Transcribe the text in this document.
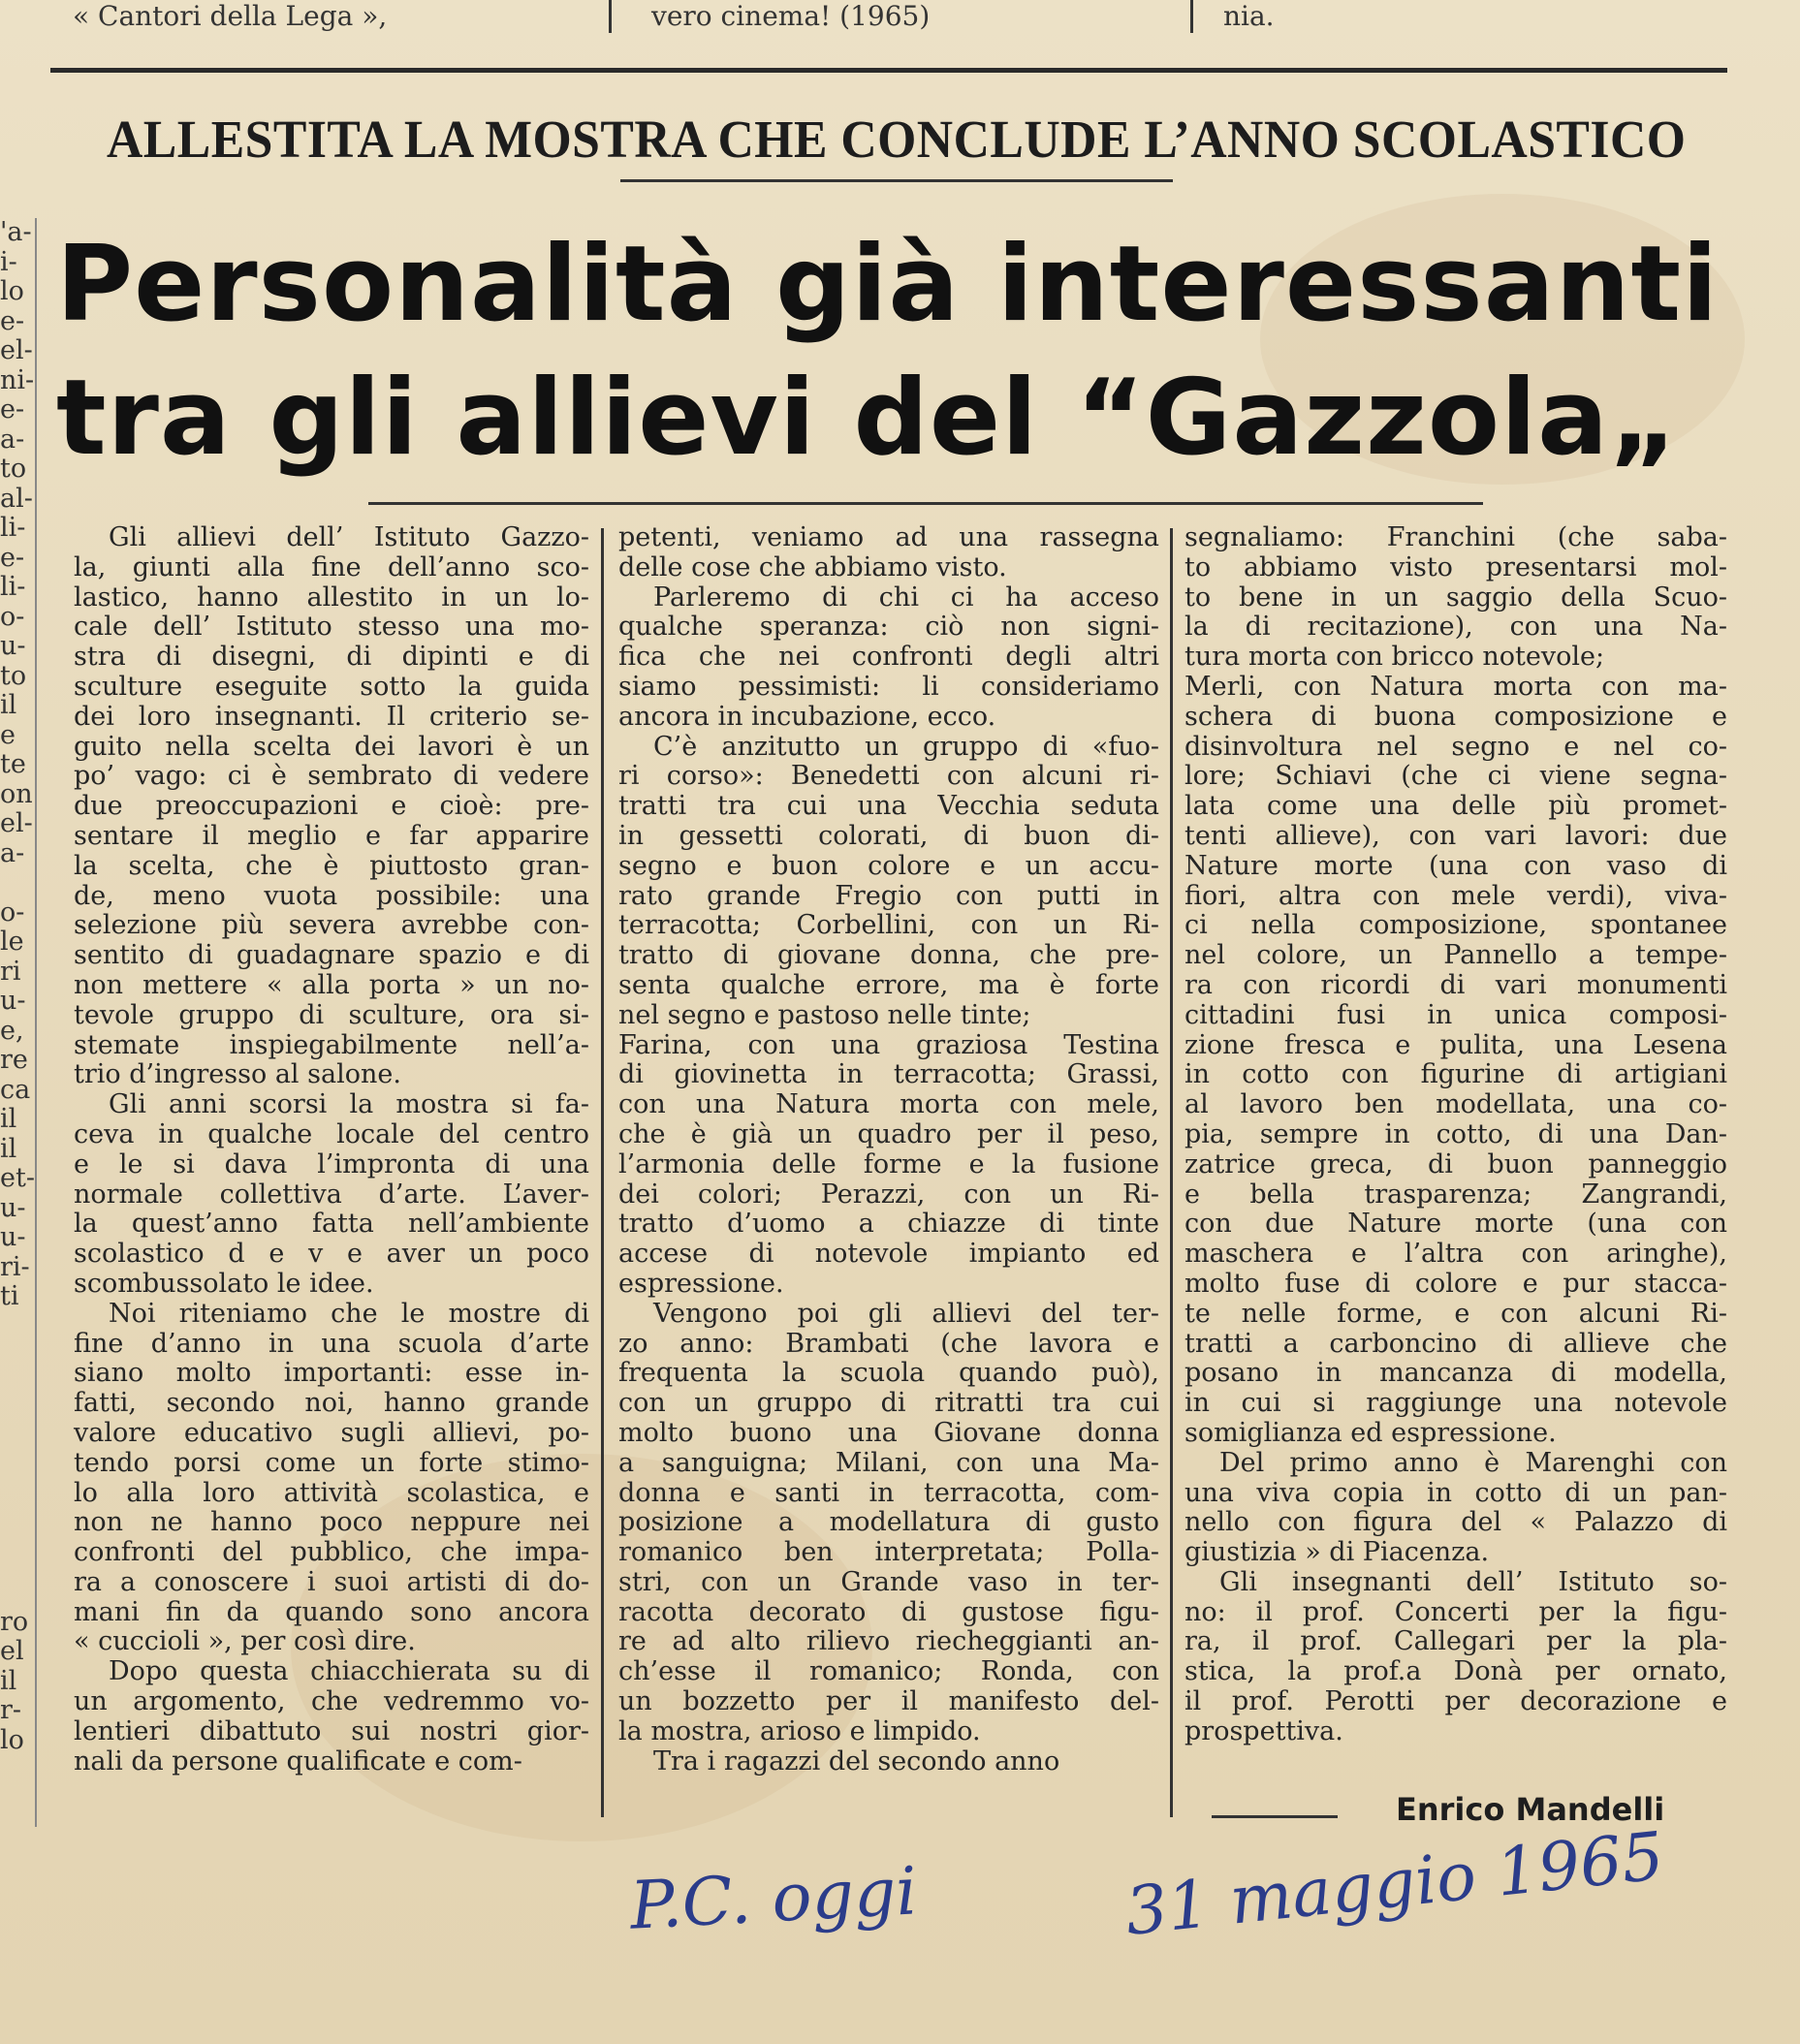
« Cantori della Lega »,	vero cinema! (1965)	nia.
'a-
i-
lo
e-
el-
ni-
e-
a-
to
al-
li-
e-
li-
o-
u-
to
il
e
te
on
el-
a-
o-
le
ri
u-
e,
re
ca
il
il
et-
u-
u-
ri-
ti
ro
el
il
r-
lo
ALLESTITA LA MOSTRA CHE CONCLUDE L’ANNO SCOLASTICO
Personalità già interessanti
tra gli allievi del “Gazzola„
Gli allievi dell’ Istituto Gazzo-
la, giunti alla fine dell’anno sco-
lastico, hanno allestito in un lo-
cale dell’ Istituto stesso una mo-
stra di disegni, di dipinti e di
sculture eseguite sotto la guida
dei loro insegnanti. Il criterio se-
guito nella scelta dei lavori è un
po’ vago: ci è sembrato di vedere
due preoccupazioni e cioè: pre-
sentare il meglio e far apparire
la scelta, che è piuttosto gran-
de, meno vuota possibile: una
selezione più severa avrebbe con-
sentito di guadagnare spazio e di
non mettere « alla porta » un no-
tevole gruppo di sculture, ora si-
stemate inspiegabilmente nell’a-
trio d’ingresso al salone.
Gli anni scorsi la mostra si fa-
ceva in qualche locale del centro
e le si dava l’impronta di una
normale collettiva d’arte. L’aver-
la quest’anno fatta nell’ambiente
scolastico d e v e aver un poco
scombussolato le idee.
Noi riteniamo che le mostre di
fine d’anno in una scuola d’arte
siano molto importanti: esse in-
fatti, secondo noi, hanno grande
valore educativo sugli allievi, po-
tendo porsi come un forte stimo-
lo alla loro attività scolastica, e
non ne hanno poco neppure nei
confronti del pubblico, che impa-
ra a conoscere i suoi artisti di do-
mani fin da quando sono ancora
« cuccioli », per così dire.
Dopo questa chiacchierata su di
un argomento, che vedremmo vo-
lentieri dibattuto sui nostri gior-
nali da persone qualificate e com-
petenti, veniamo ad una rassegna
delle cose che abbiamo visto.
Parleremo di chi ci ha acceso
qualche speranza: ciò non signi-
fica che nei confronti degli altri
siamo pessimisti: li consideriamo
ancora in incubazione, ecco.
C’è anzitutto un gruppo di «fuo-
ri corso»: Benedetti con alcuni ri-
tratti tra cui una Vecchia seduta
in gessetti colorati, di buon di-
segno e buon colore e un accu-
rato grande Fregio con putti in
terracotta; Corbellini, con un Ri-
tratto di giovane donna, che pre-
senta qualche errore, ma è forte
nel segno e pastoso nelle tinte;
Farina, con una graziosa Testina
di giovinetta in terracotta; Grassi,
con una Natura morta con mele,
che è già un quadro per il peso,
l’armonia delle forme e la fusione
dei colori; Perazzi, con un Ri-
tratto d’uomo a chiazze di tinte
accese di notevole impianto ed
espressione.
Vengono poi gli allievi del ter-
zo anno: Brambati (che lavora e
frequenta la scuola quando può),
con un gruppo di ritratti tra cui
molto buono una Giovane donna
a sanguigna; Milani, con una Ma-
donna e santi in terracotta, com-
posizione a modellatura di gusto
romanico ben interpretata; Polla-
stri, con un Grande vaso in ter-
racotta decorato di gustose figu-
re ad alto rilievo riecheggianti an-
ch’esse il romanico; Ronda, con
un bozzetto per il manifesto del-
la mostra, arioso e limpido.
Tra i ragazzi del secondo anno
segnaliamo: Franchini (che saba-
to abbiamo visto presentarsi mol-
to bene in un saggio della Scuo-
la di recitazione), con una Na-
tura morta con bricco notevole;
Merli, con Natura morta con ma-
schera di buona composizione e
disinvoltura nel segno e nel co-
lore; Schiavi (che ci viene segna-
lata come una delle più promet-
tenti allieve), con vari lavori: due
Nature morte (una con vaso di
fiori, altra con mele verdi), viva-
ci nella composizione, spontanee
nel colore, un Pannello a tempe-
ra con ricordi di vari monumenti
cittadini fusi in unica composi-
zione fresca e pulita, una Lesena
in cotto con figurine di artigiani
al lavoro ben modellata, una co-
pia, sempre in cotto, di una Dan-
zatrice greca, di buon panneggio
e bella trasparenza; Zangrandi,
con due Nature morte (una con
maschera e l’altra con aringhe),
molto fuse di colore e pur stacca-
te nelle forme, e con alcuni Ri-
tratti a carboncino di allieve che
posano in mancanza di modella,
in cui si raggiunge una notevole
somiglianza ed espressione.
Del primo anno è Marenghi con
una viva copia in cotto di un pan-
nello con figura del « Palazzo di
giustizia » di Piacenza.
Gli insegnanti dell’ Istituto so-
no: il prof. Concerti per la figu-
ra, il prof. Callegari per la pla-
stica, la prof.a Donà per ornato,
il prof. Perotti per decorazione e
prospettiva.
Enrico Mandelli
P.C. oggi	31 maggio 1965
